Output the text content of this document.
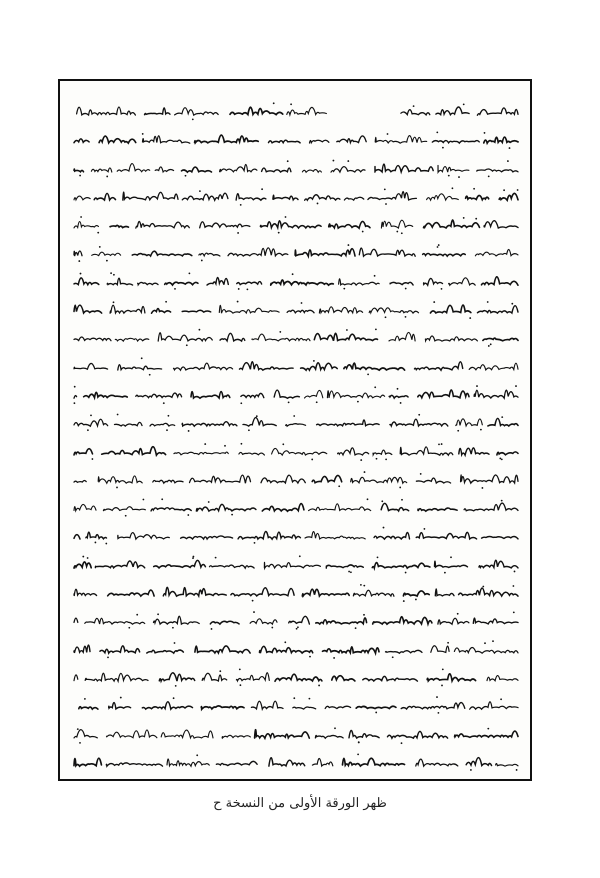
ظهر الورقة الأولى من النسخة ح
